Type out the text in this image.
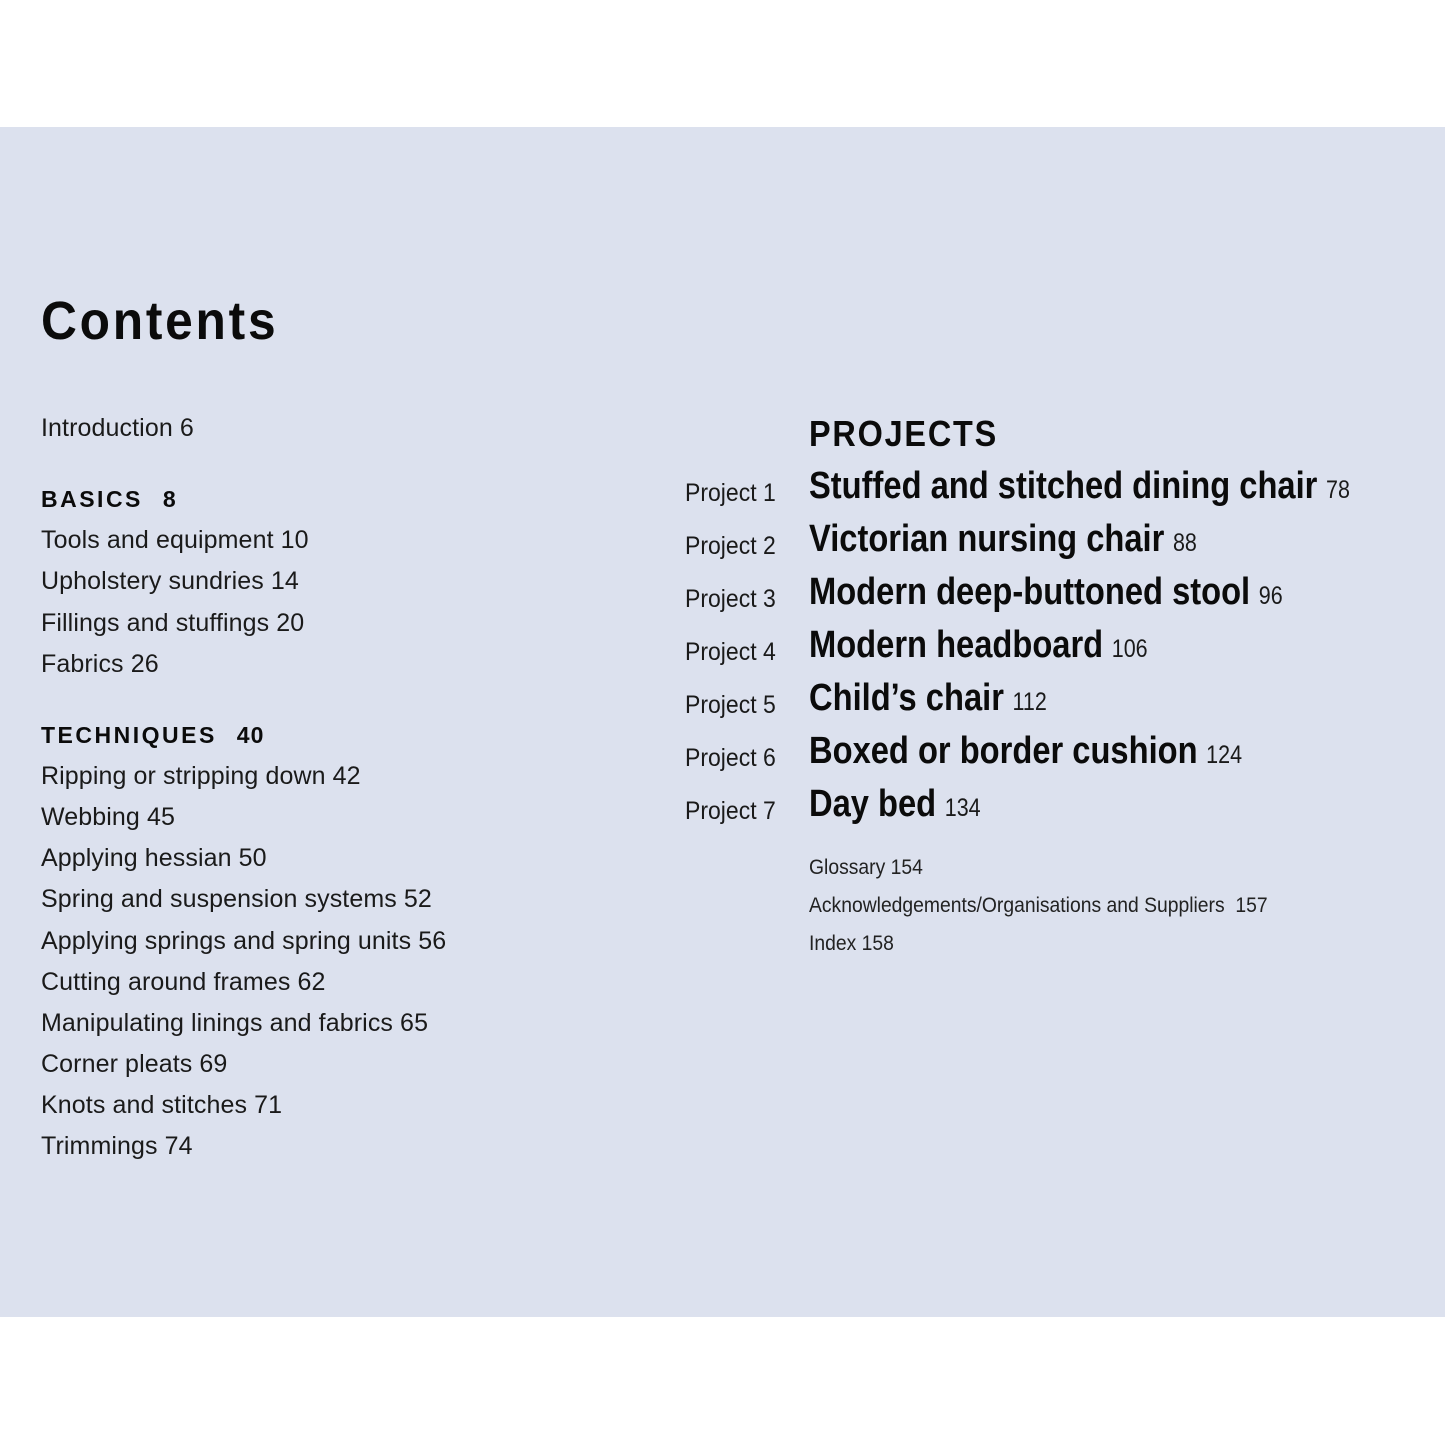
Contents
Introduction 6
BASICS 8
Tools and equipment 10
Upholstery sundries 14
Fillings and stuffings 20
Fabrics 26
TECHNIQUES 40
Ripping or stripping down 42
Webbing 45
Applying hessian 50
Spring and suspension systems 52
Applying springs and spring units 56
Cutting around frames 62
Manipulating linings and fabrics 65
Corner pleats 69
Knots and stitches 71
Trimmings 74
PROJECTS
Project 1 Stuffed and stitched dining chair 78
Project 2 Victorian nursing chair 88
Project 3 Modern deep-buttoned stool 96
Project 4 Modern headboard 106
Project 5 Child’s chair 112
Project 6 Boxed or border cushion 124
Project 7 Day bed 134
Glossary 154
Acknowledgements/Organisations and Suppliers  157
Index 158
